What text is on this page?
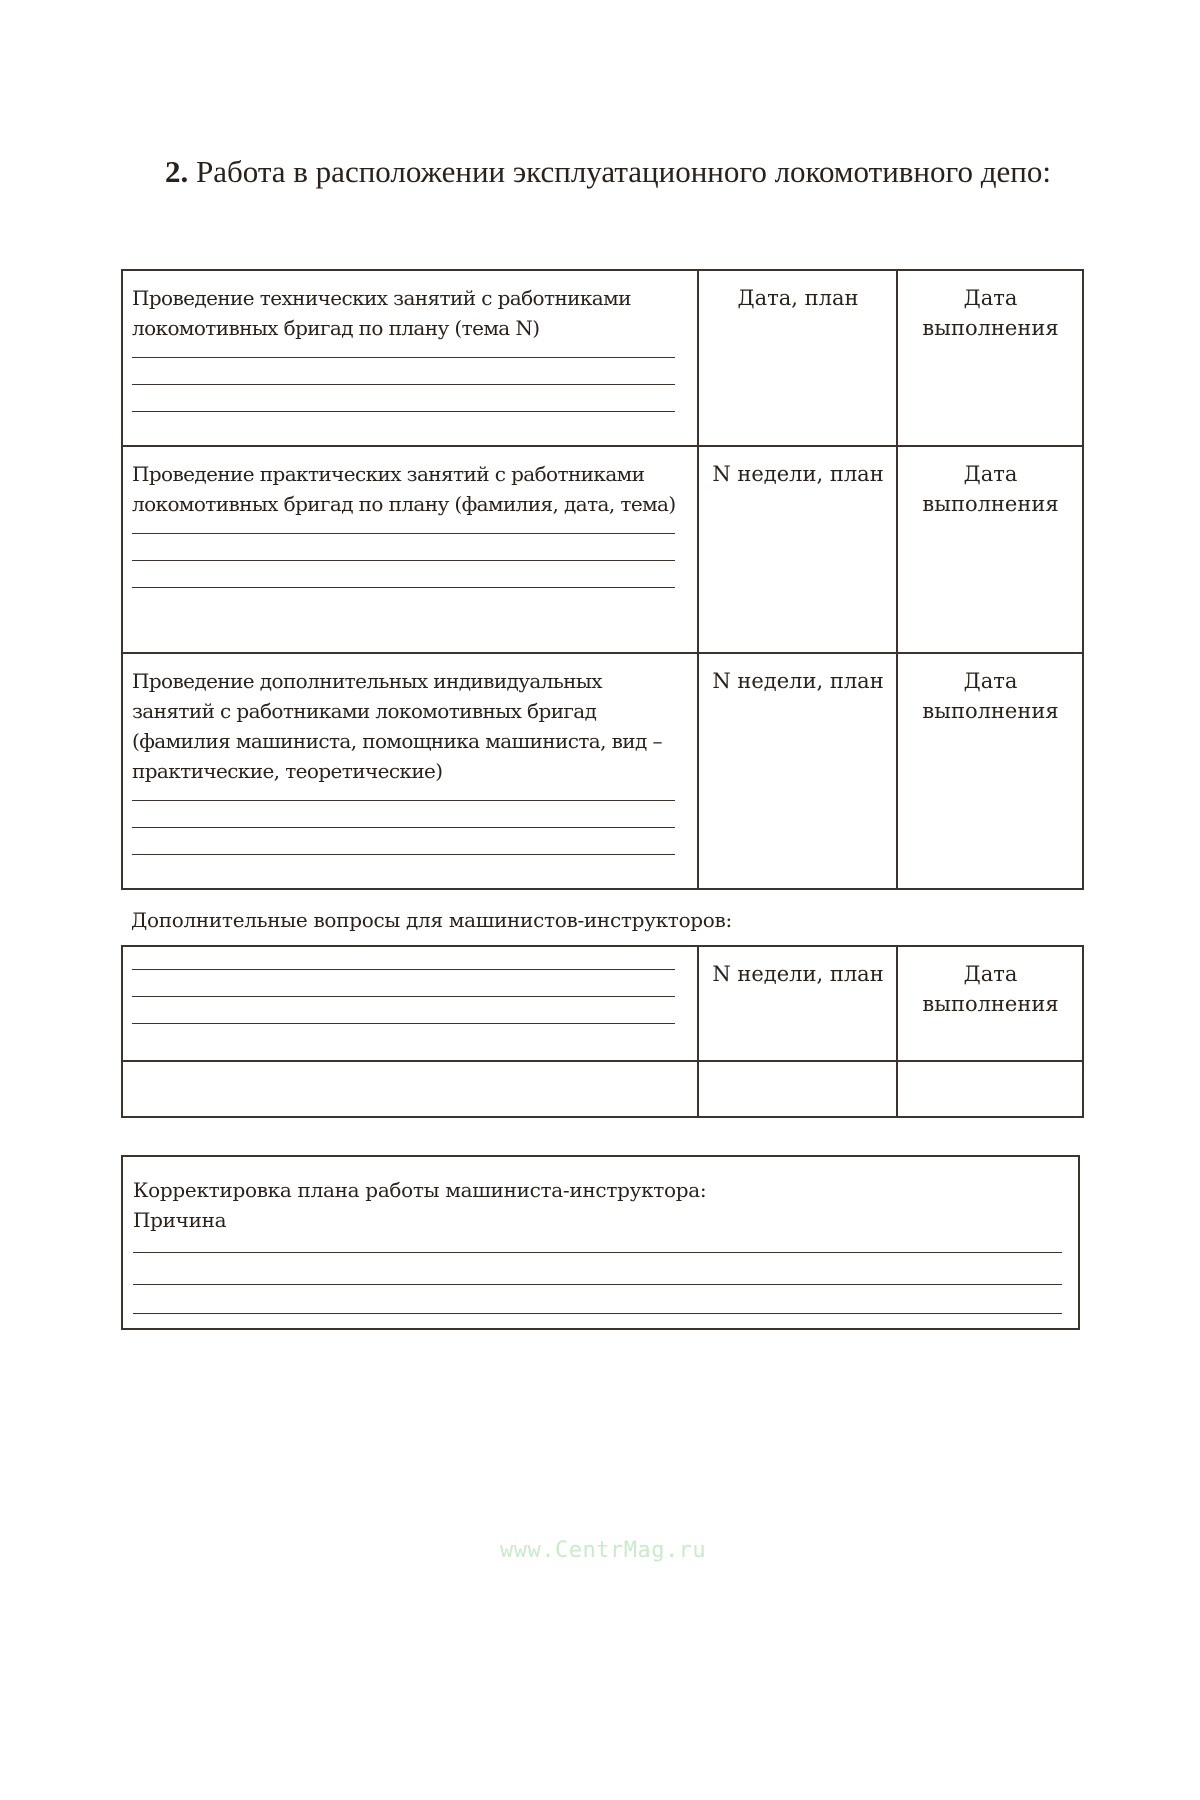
2. Работа в расположении эксплуатационного локомотивного депо:
Проведение технических занятий с работниками локомотивных бригад по плану (тема N)	Дата, план	Дата выполнения

Проведение практических занятий с работниками локомотивных бригад по плану (фамилия, дата, тема)	N недели, план	Дата выполнения

Проведение дополнительных индивидуальных занятий с работниками локомотивных бригад (фамилия машиниста, помощника машиниста, вид – практические, теоретические)	N недели, план	Дата выполнения
Дополнительные вопросы для машинистов-инструкторов:
	N недели, план	Дата выполнения

Корректировка плана работы машиниста-инструктора:
Причина
www.CentrMag.ru
